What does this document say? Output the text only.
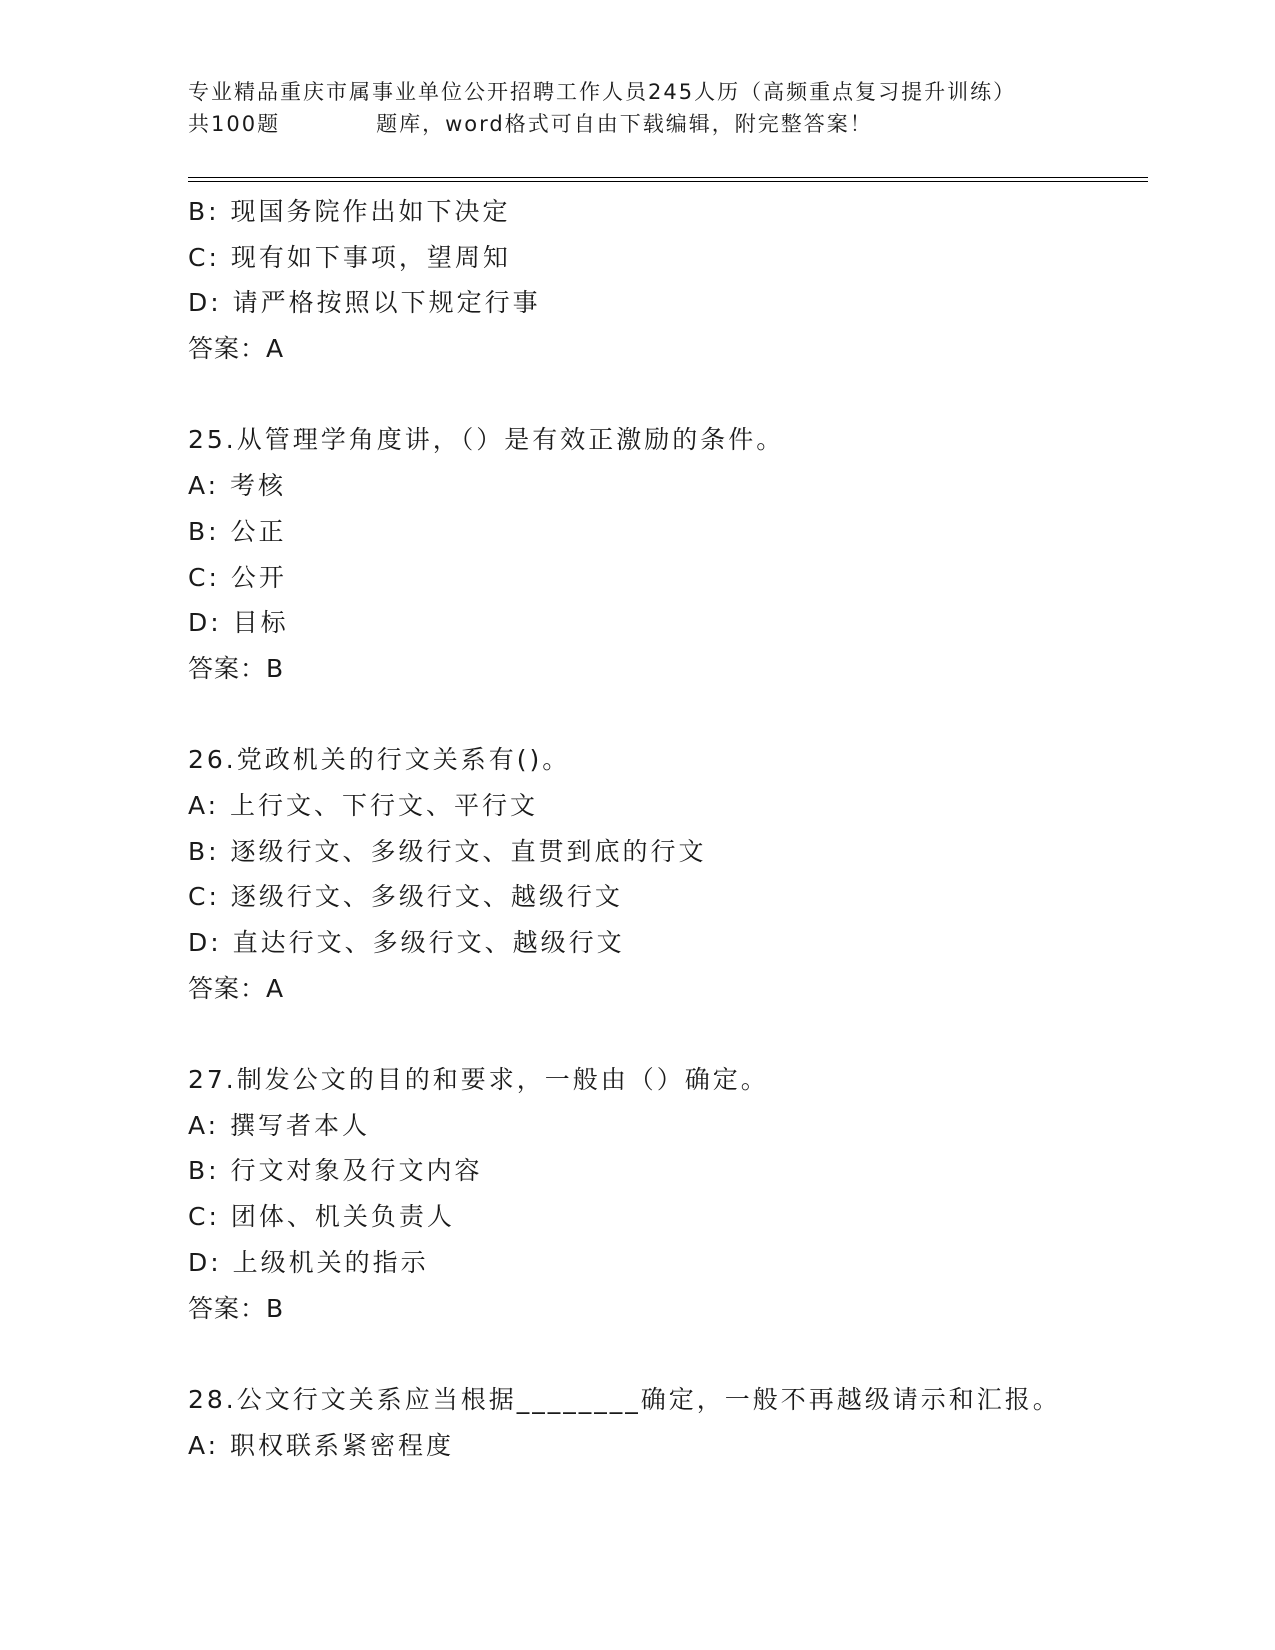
专业精品重庆市属事业单位公开招聘工作人员245人历（高频重点复习提升训练）
共100题	题库，word格式可自由下载编辑，附完整答案！
B: 现国务院作出如下决定
C: 现有如下事项，望周知
D: 请严格按照以下规定行事
答案：A
25.从管理学角度讲，（）是有效正激励的条件。
A: 考核
B: 公正
C: 公开
D: 目标
答案：B
26.党政机关的行文关系有()。
A: 上行文、下行文、平行文
B: 逐级行文、多级行文、直贯到底的行文
C: 逐级行文、多级行文、越级行文
D: 直达行文、多级行文、越级行文
答案：A
27.制发公文的目的和要求，一般由（）确定。
A: 撰写者本人
B: 行文对象及行文内容
C: 团体、机关负责人
D: 上级机关的指示
答案：B
28.公文行文关系应当根据________确定，一般不再越级请示和汇报。
A: 职权联系紧密程度
